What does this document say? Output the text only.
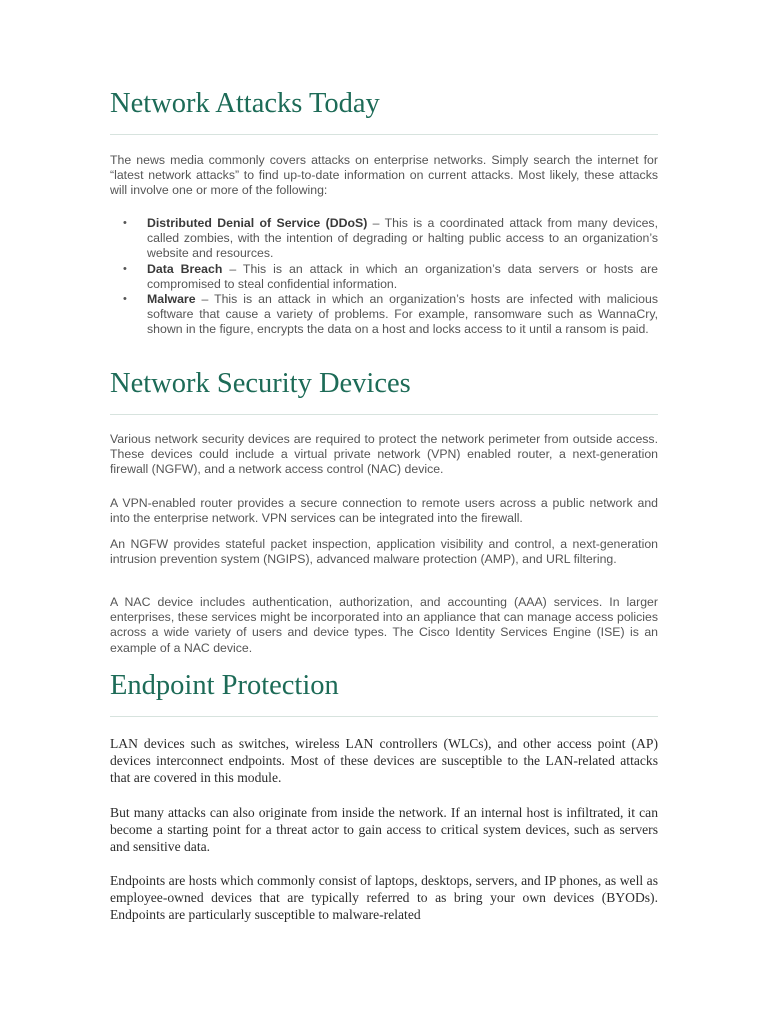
Network Attacks Today

The news media commonly covers attacks on enterprise networks. Simply search the internet for “latest network attacks” to find up-to-date information on current attacks. Most likely, these attacks will involve one or more of the following:

• Distributed Denial of Service (DDoS) – This is a coordinated attack from many devices, called zombies, with the intention of degrading or halting public access to an organization’s website and resources.
• Data Breach – This is an attack in which an organization’s data servers or hosts are compromised to steal confidential information.
• Malware – This is an attack in which an organization’s hosts are infected with malicious software that cause a variety of problems. For example, ransomware such as WannaCry, shown in the figure, encrypts the data on a host and locks access to it until a ransom is paid.
Network Security Devices

Various network security devices are required to protect the network perimeter from outside access. These devices could include a virtual private network (VPN) enabled router, a next-generation firewall (NGFW), and a network access control (NAC) device.

A VPN-enabled router provides a secure connection to remote users across a public network and into the enterprise network. VPN services can be integrated into the firewall.

An NGFW provides stateful packet inspection, application visibility and control, a next-generation intrusion prevention system (NGIPS), advanced malware protection (AMP), and URL filtering.

A NAC device includes authentication, authorization, and accounting (AAA) services. In larger enterprises, these services might be incorporated into an appliance that can manage access policies across a wide variety of users and device types. The Cisco Identity Services Engine (ISE) is an example of a NAC device.

Endpoint Protection

LAN devices such as switches, wireless LAN controllers (WLCs), and other access point (AP) devices interconnect endpoints. Most of these devices are susceptible to the LAN-related attacks that are covered in this module.

But many attacks can also originate from inside the network. If an internal host is infiltrated, it can become a starting point for a threat actor to gain access to critical system devices, such as servers and sensitive data.

Endpoints are hosts which commonly consist of laptops, desktops, servers, and IP phones, as well as employee-owned devices that are typically referred to as bring your own devices (BYODs). Endpoints are particularly susceptible to malware-related
